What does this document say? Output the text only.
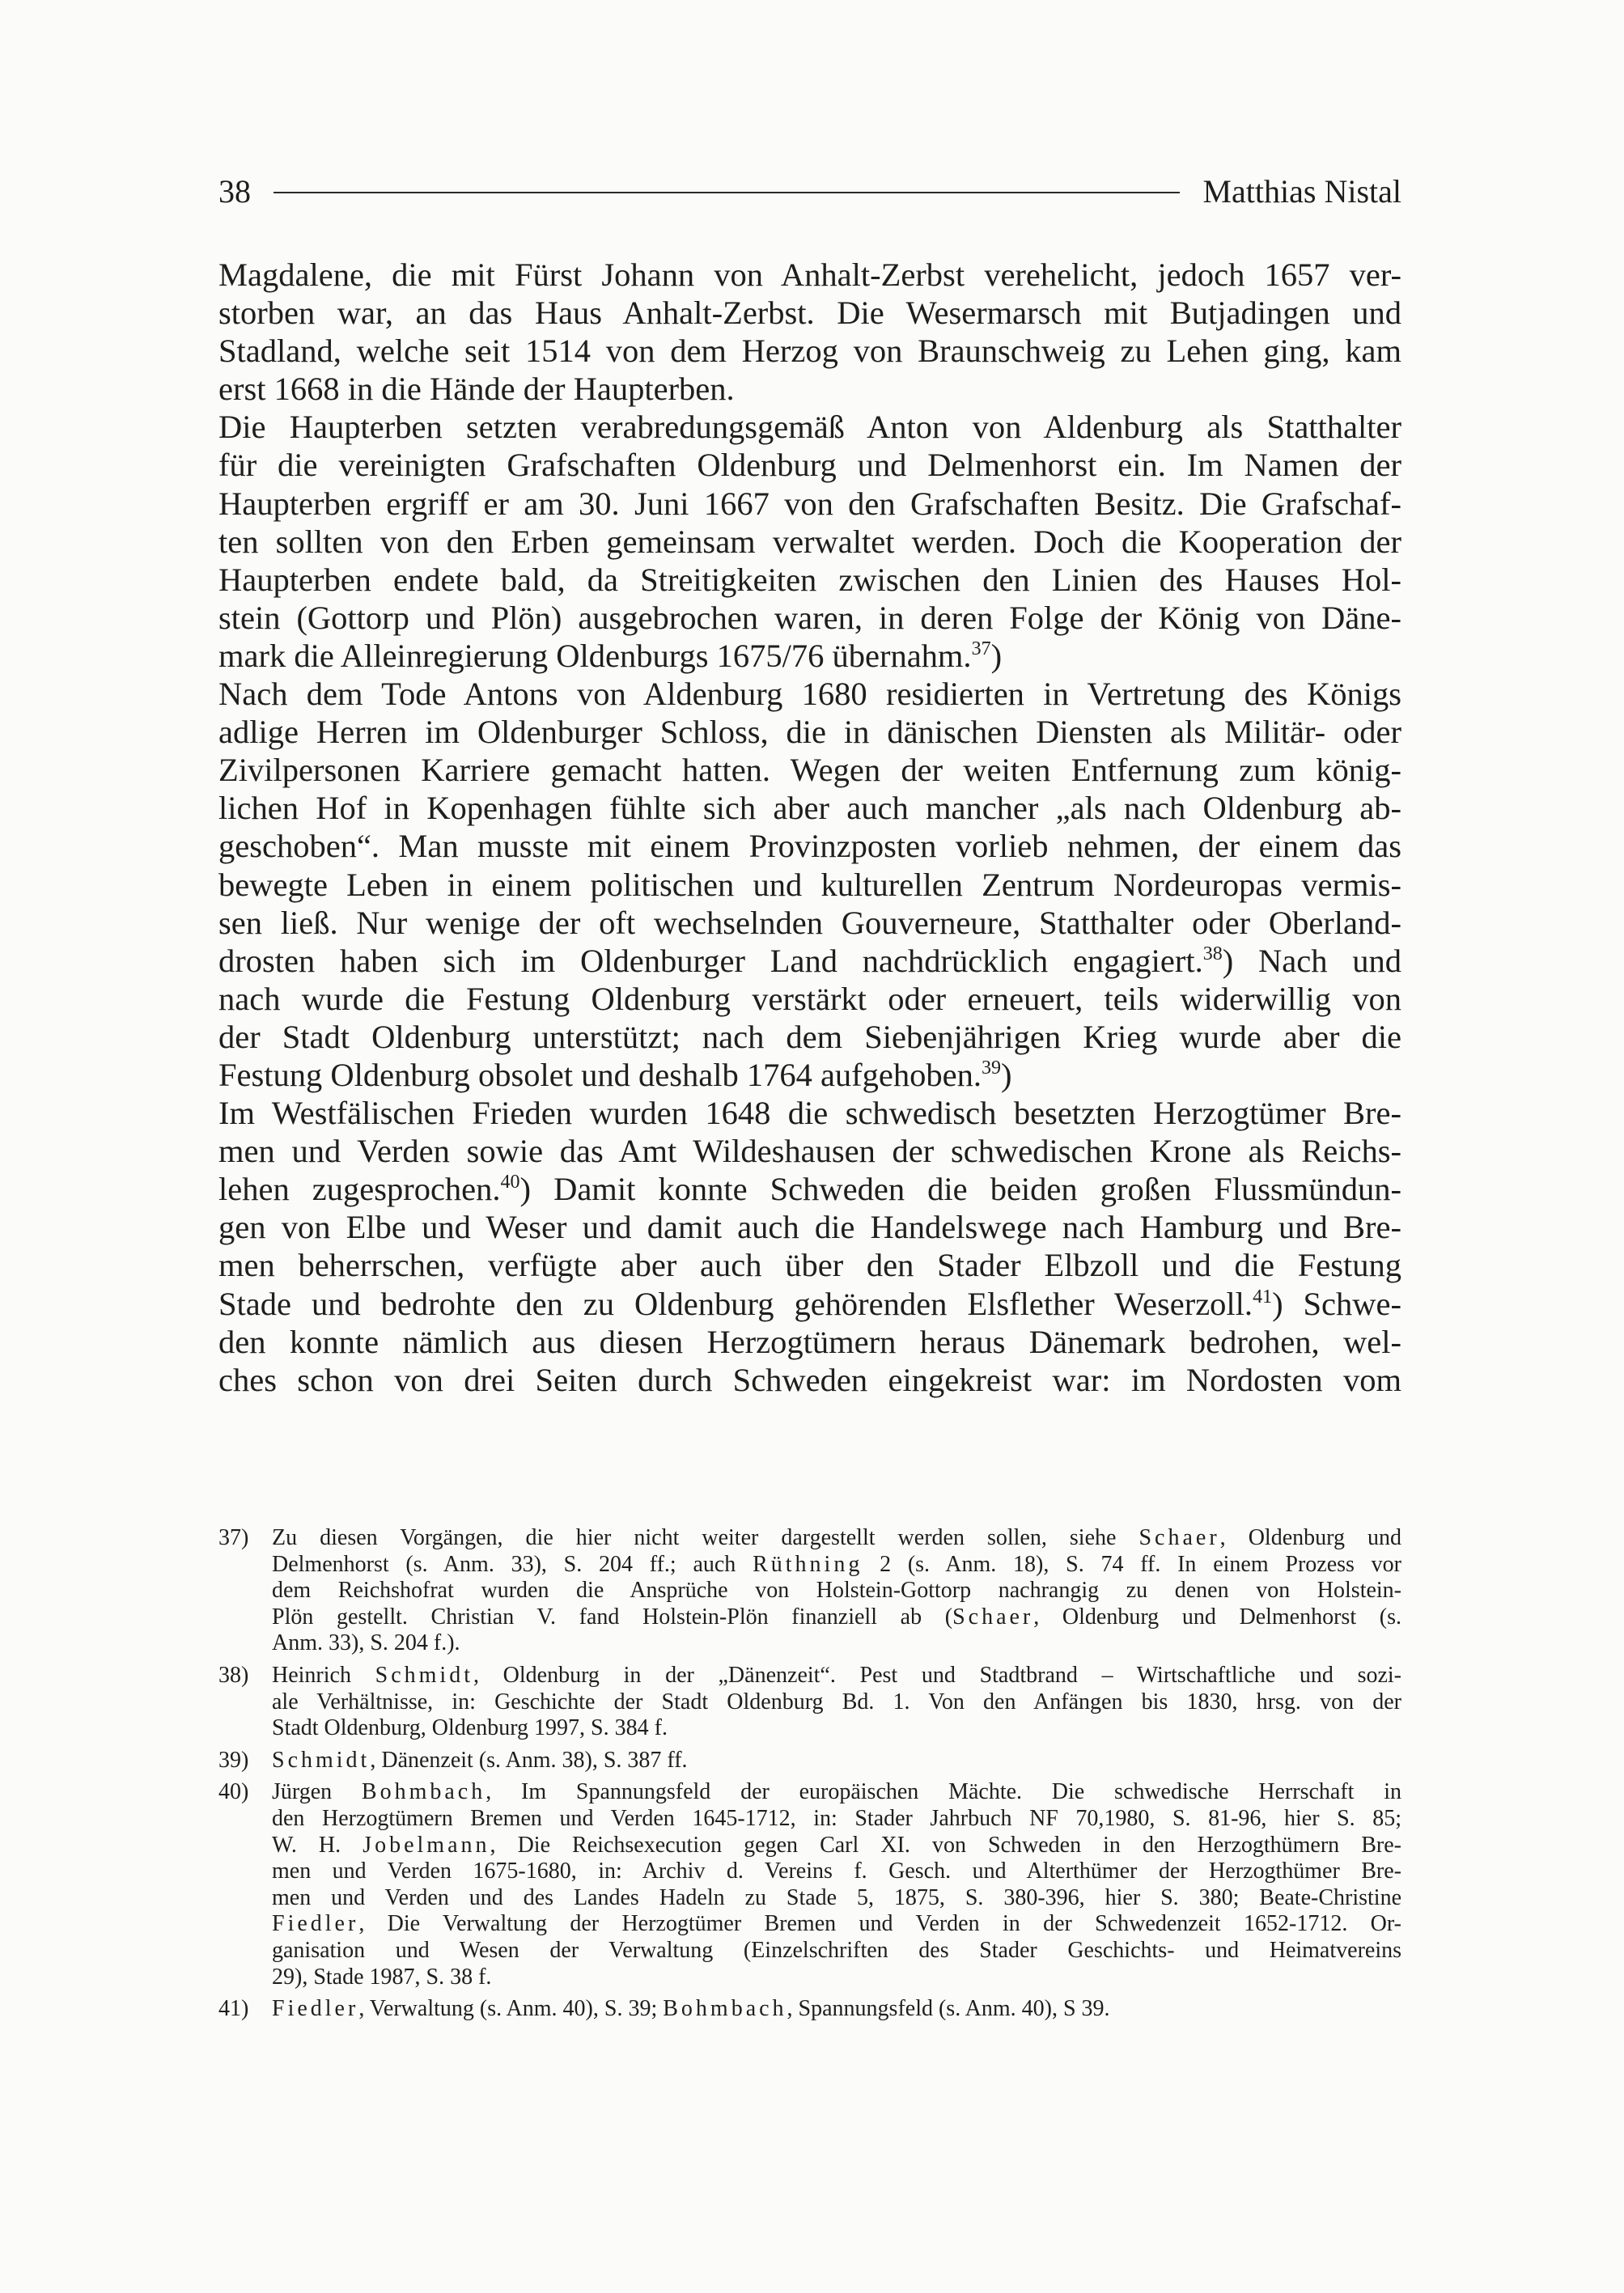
38	Matthias Nistal
Magdalene, die mit Fürst Johann von Anhalt-Zerbst verehelicht, jedoch 1657 ver-
storben war, an das Haus Anhalt-Zerbst. Die Wesermarsch mit Butjadingen und
Stadland, welche seit 1514 von dem Herzog von Braunschweig zu Lehen ging, kam
erst 1668 in die Hände der Haupterben.
Die Haupterben setzten verabredungsgemäß Anton von Aldenburg als Statthalter
für die vereinigten Grafschaften Oldenburg und Delmenhorst ein. Im Namen der
Haupterben ergriff er am 30. Juni 1667 von den Grafschaften Besitz. Die Grafschaf-
ten sollten von den Erben gemeinsam verwaltet werden. Doch die Kooperation der
Haupterben endete bald, da Streitigkeiten zwischen den Linien des Hauses Hol-
stein (Gottorp und Plön) ausgebrochen waren, in deren Folge der König von Däne-
mark die Alleinregierung Oldenburgs 1675/76 übernahm.$^{37}$)
Nach dem Tode Antons von Aldenburg 1680 residierten in Vertretung des Königs
adlige Herren im Oldenburger Schloss, die in dänischen Diensten als Militär- oder
Zivilpersonen Karriere gemacht hatten. Wegen der weiten Entfernung zum könig-
lichen Hof in Kopenhagen fühlte sich aber auch mancher „als nach Oldenburg ab-
geschoben“. Man musste mit einem Provinzposten vorlieb nehmen, der einem das
bewegte Leben in einem politischen und kulturellen Zentrum Nordeuropas vermis-
sen ließ. Nur wenige der oft wechselnden Gouverneure, Statthalter oder Oberland-
drosten haben sich im Oldenburger Land nachdrücklich engagiert.$^{38}$) Nach und
nach wurde die Festung Oldenburg verstärkt oder erneuert, teils widerwillig von
der Stadt Oldenburg unterstützt; nach dem Siebenjährigen Krieg wurde aber die
Festung Oldenburg obsolet und deshalb 1764 aufgehoben.$^{39}$)
Im Westfälischen Frieden wurden 1648 die schwedisch besetzten Herzogtümer Bre-
men und Verden sowie das Amt Wildeshausen der schwedischen Krone als Reichs-
lehen zugesprochen.$^{40}$) Damit konnte Schweden die beiden großen Flussmündun-
gen von Elbe und Weser und damit auch die Handelswege nach Hamburg und Bre-
men beherrschen, verfügte aber auch über den Stader Elbzoll und die Festung
Stade und bedrohte den zu Oldenburg gehörenden Elsflether Weserzoll.$^{41}$) Schwe-
den konnte nämlich aus diesen Herzogtümern heraus Dänemark bedrohen, wel-
ches schon von drei Seiten durch Schweden eingekreist war: im Nordosten vom
37)	Zu diesen Vorgängen, die hier nicht weiter dargestellt werden sollen, siehe Schaer, Oldenburg und
Delmenhorst (s. Anm. 33), S. 204 ff.; auch Rüthning 2 (s. Anm. 18), S. 74 ff. In einem Prozess vor
dem Reichshofrat wurden die Ansprüche von Holstein-Gottorp nachrangig zu denen von Holstein-
Plön gestellt. Christian V. fand Holstein-Plön finanziell ab (Schaer, Oldenburg und Delmenhorst (s.
Anm. 33), S. 204 f.).
38)	Heinrich Schmidt, Oldenburg in der „Dänenzeit“. Pest und Stadtbrand – Wirtschaftliche und sozi-
ale Verhältnisse, in: Geschichte der Stadt Oldenburg Bd. 1. Von den Anfängen bis 1830, hrsg. von der
Stadt Oldenburg, Oldenburg 1997, S. 384 f.
39)	Schmidt, Dänenzeit (s. Anm. 38), S. 387 ff.
40)	Jürgen Bohmbach, Im Spannungsfeld der europäischen Mächte. Die schwedische Herrschaft in
den Herzogtümern Bremen und Verden 1645-1712, in: Stader Jahrbuch NF 70,1980, S. 81-96, hier S. 85;
W. H. Jobelmann, Die Reichsexecution gegen Carl XI. von Schweden in den Herzogthümern Bre-
men und Verden 1675-1680, in: Archiv d. Vereins f. Gesch. und Alterthümer der Herzogthümer Bre-
men und Verden und des Landes Hadeln zu Stade 5, 1875, S. 380-396, hier S. 380; Beate-Christine
Fiedler, Die Verwaltung der Herzogtümer Bremen und Verden in der Schwedenzeit 1652-1712. Or-
ganisation und Wesen der Verwaltung (Einzelschriften des Stader Geschichts- und Heimatvereins
29), Stade 1987, S. 38 f.
41)	Fiedler, Verwaltung (s. Anm. 40), S. 39; Bohmbach, Spannungsfeld (s. Anm. 40), S 39.
